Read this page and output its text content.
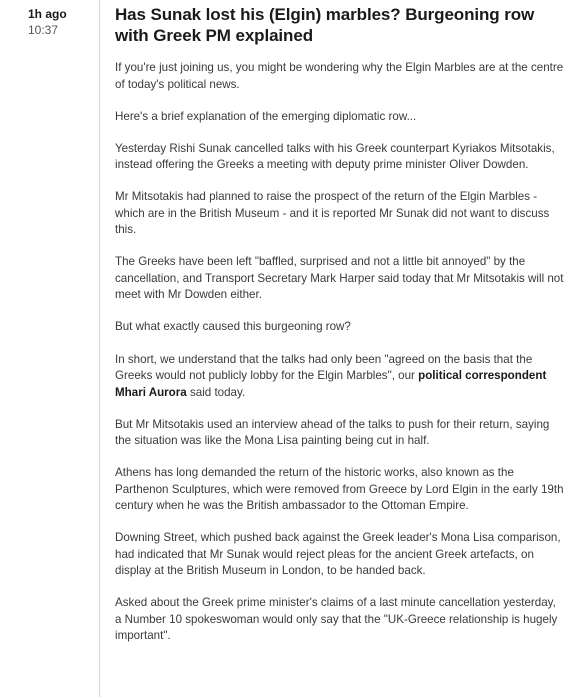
1h ago
10:37
Has Sunak lost his (Elgin) marbles? Burgeoning row with Greek PM explained

If you're just joining us, you might be wondering why the Elgin Marbles are at the centre of today's political news.

Here's a brief explanation of the emerging diplomatic row...

Yesterday Rishi Sunak cancelled talks with his Greek counterpart Kyriakos Mitsotakis, instead offering the Greeks a meeting with deputy prime minister Oliver Dowden.

Mr Mitsotakis had planned to raise the prospect of the return of the Elgin Marbles - which are in the British Museum - and it is reported Mr Sunak did not want to discuss this.

The Greeks have been left "baffled, surprised and not a little bit annoyed" by the cancellation, and Transport Secretary Mark Harper said today that Mr Mitsotakis will not meet with Mr Dowden either.

But what exactly caused this burgeoning row?

In short, we understand that the talks had only been "agreed on the basis that the Greeks would not publicly lobby for the Elgin Marbles", our political correspondent Mhari Aurora said today.

But Mr Mitsotakis used an interview ahead of the talks to push for their return, saying the situation was like the Mona Lisa painting being cut in half.

Athens has long demanded the return of the historic works, also known as the Parthenon Sculptures, which were removed from Greece by Lord Elgin in the early 19th century when he was the British ambassador to the Ottoman Empire.

Downing Street, which pushed back against the Greek leader's Mona Lisa comparison, had indicated that Mr Sunak would reject pleas for the ancient Greek artefacts, on display at the British Museum in London, to be handed back.

Asked about the Greek prime minister's claims of a last minute cancellation yesterday, a Number 10 spokeswoman would only say that the "UK-Greece relationship is hugely important".
